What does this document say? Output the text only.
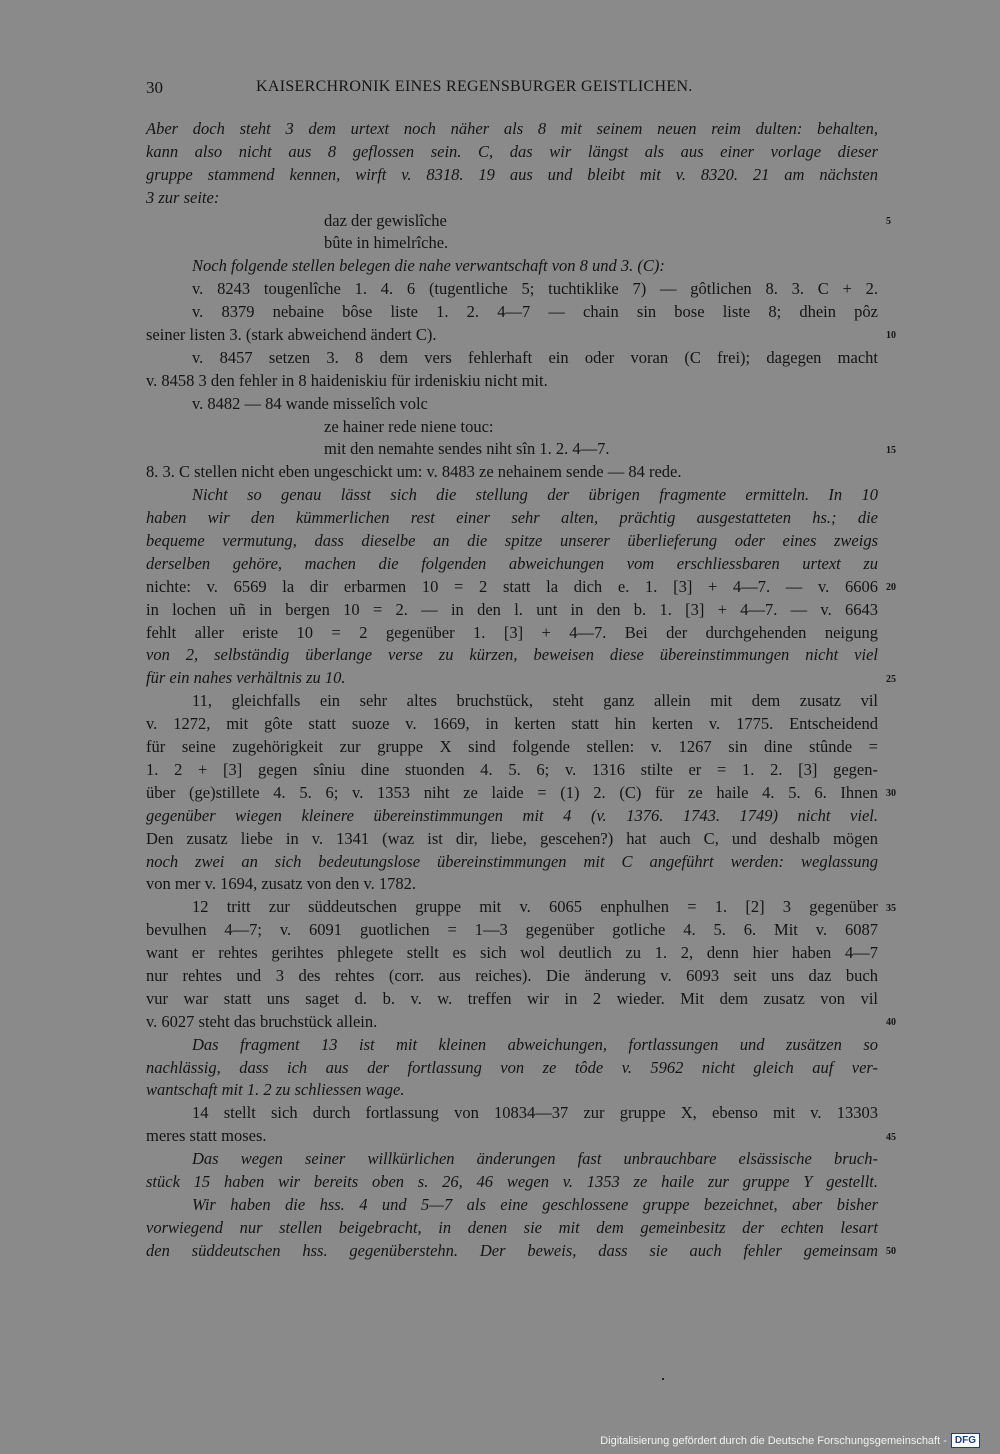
30	KAISERCHRONIK EINES REGENSBURGER GEISTLICHEN.
Aber doch steht 3 dem urtext noch näher als 8 mit seinem neuen reim dulten: behalten,
kann also nicht aus 8 geflossen sein. C, das wir längst als aus einer vorlage dieser
gruppe stammend kennen, wirft v. 8318. 19 aus und bleibt mit v. 8320. 21 am nächsten
3 zur seite:
daz der gewislîche
bûte in himelrîche.
Noch folgende stellen belegen die nahe verwantschaft von 8 und 3. (C):
v. 8243 tougenlîche 1. 4. 6 (tugentliche 5; tuchtiklike 7) — gôtlichen 8. 3. C + 2.
v. 8379 nebaine bôse liste 1. 2. 4—7 — chain sin bose liste 8; dhein pôz
seiner listen 3. (stark abweichend ändert C).
v. 8457 setzen 3. 8 dem vers fehlerhaft ein oder voran (C frei); dagegen macht
v. 8458 3 den fehler in 8 haideniskiu für irdeniskiu nicht mit.
v. 8482 — 84 wande misselîch volc
ze hainer rede niene touc:
mit den nemahte sendes niht sîn 1. 2. 4—7.
8. 3. C stellen nicht eben ungeschickt um: v. 8483 ze nehainem sende — 84 rede.
Nicht so genau lässt sich die stellung der übrigen fragmente ermitteln. In 10
haben wir den kümmerlichen rest einer sehr alten, prächtig ausgestatteten hs.; die
bequeme vermutung, dass dieselbe an die spitze unserer überlieferung oder eines zweigs
derselben gehöre, machen die folgenden abweichungen vom erschliessbaren urtext zu
nichte: v. 6569 la dir erbarmen 10 = 2 statt la dich e. 1. [3] + 4—7. — v. 6606
in lochen uñ in bergen 10 = 2. — in den l. unt in den b. 1. [3] + 4—7. — v. 6643
fehlt aller eriste 10 = 2 gegenüber 1. [3] + 4—7. Bei der durchgehenden neigung
von 2, selbständig überlange verse zu kürzen, beweisen diese übereinstimmungen nicht viel
für ein nahes verhältnis zu 10.
11, gleichfalls ein sehr altes bruchstück, steht ganz allein mit dem zusatz vil
v. 1272, mit gôte statt suoze v. 1669, in kerten statt hin kerten v. 1775. Entscheidend
für seine zugehörigkeit zur gruppe X sind folgende stellen: v. 1267 sin dine stûnde =
1. 2 + [3] gegen sîniu dine stuonden 4. 5. 6; v. 1316 stilte er = 1. 2. [3] gegen-
über (ge)stillete 4. 5. 6; v. 1353 niht ze laide = (1) 2. (C) für ze haile 4. 5. 6. Ihnen
gegenüber wiegen kleinere übereinstimmungen mit 4 (v. 1376. 1743. 1749) nicht viel.
Den zusatz liebe in v. 1341 (waz ist dir, liebe, gescehen?) hat auch C, und deshalb mögen
noch zwei an sich bedeutungslose übereinstimmungen mit C angeführt werden: weglassung
von mer v. 1694, zusatz von den v. 1782.
12 tritt zur süddeutschen gruppe mit v. 6065 enphulhen = 1. [2] 3 gegenüber
bevulhen 4—7; v. 6091 guotlichen = 1—3 gegenüber gotliche 4. 5. 6. Mit v. 6087
want er rehtes gerihtes phlegete stellt es sich wol deutlich zu 1. 2, denn hier haben 4—7
nur rehtes und 3 des rehtes (corr. aus reiches). Die änderung v. 6093 seit uns daz buch
vur war statt uns saget d. b. v. w. treffen wir in 2 wieder. Mit dem zusatz von vil
v. 6027 steht das bruchstück allein.
Das fragment 13 ist mit kleinen abweichungen, fortlassungen und zusätzen so
nachlässig, dass ich aus der fortlassung von ze tôde v. 5962 nicht gleich auf ver-
wantschaft mit 1. 2 zu schliessen wage.
14 stellt sich durch fortlassung von 10834—37 zur gruppe X, ebenso mit v. 13303
meres statt moses.
Das wegen seiner willkürlichen änderungen fast unbrauchbare elsässische bruch-
stück 15 haben wir bereits oben s. 26, 46 wegen v. 1353 ze haile zur gruppe Y gestellt.
Wir haben die hss. 4 und 5—7 als eine geschlossene gruppe bezeichnet, aber bisher
vorwiegend nur stellen beigebracht, in denen sie mit dem gemeinbesitz der echten lesart
den süddeutschen hss. gegenüberstehn. Der beweis, dass sie auch fehler gemeinsam
Digitalisierung gefördert durch die Deutsche Forschungsgemeinschaft - DFG
5
10
15
20
25
30
35
40
45
50
